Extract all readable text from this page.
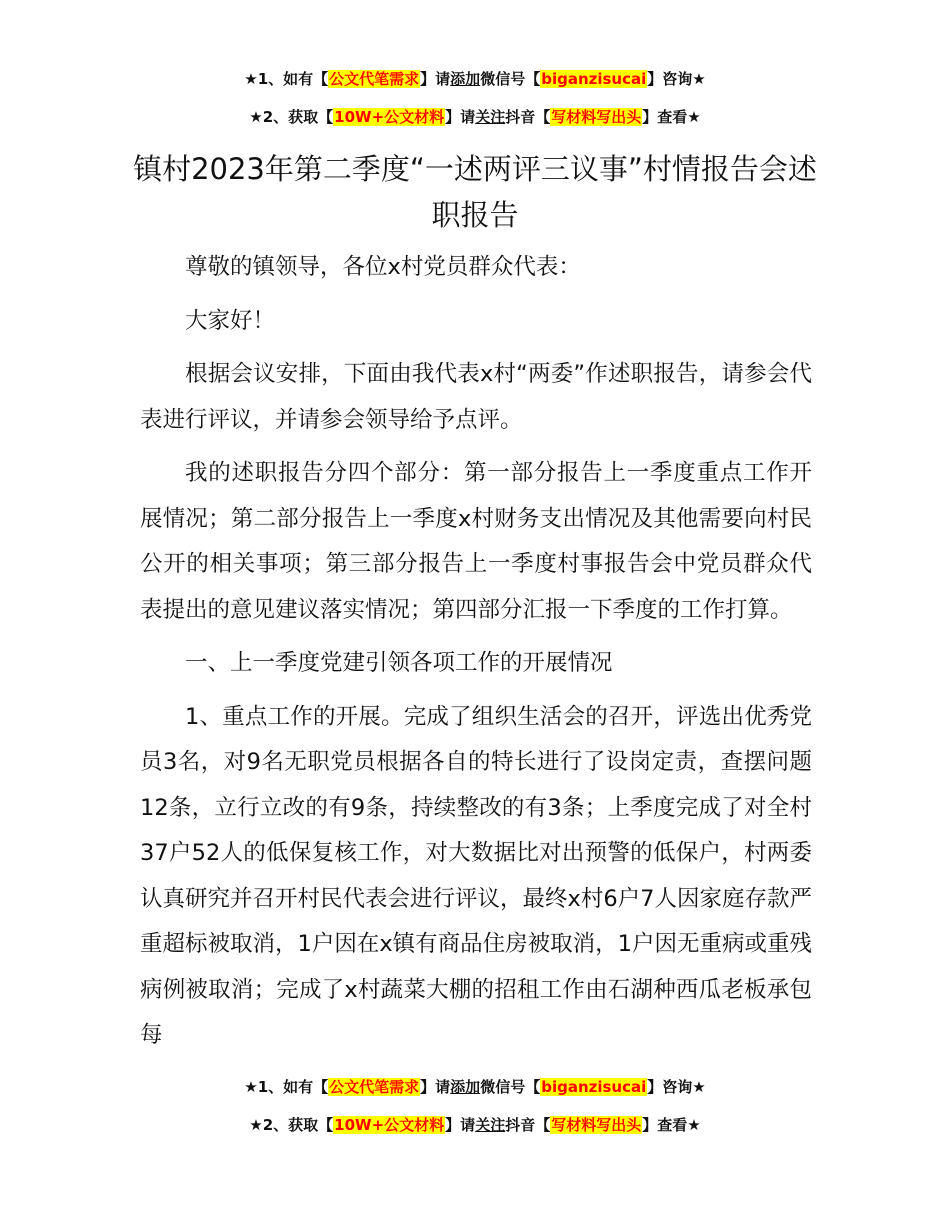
★1、如有【公文代笔需求】请添加微信号【biganzisucai】咨询★
★2、获取【10W+公文材料】请关注抖音【写材料写出头】查看★
镇村2023年第二季度“一述两评三议事”村情报告会述职报告

尊敬的镇领导，各位x村党员群众代表：

大家好！

根据会议安排，下面由我代表x村“两委”作述职报告，请参会代表进行评议，并请参会领导给予点评。

我的述职报告分四个部分：第一部分报告上一季度重点工作开展情况；第二部分报告上一季度x村财务支出情况及其他需要向村民公开的相关事项；第三部分报告上一季度村事报告会中党员群众代表提出的意见建议落实情况；第四部分汇报一下季度的工作打算。

一、上一季度党建引领各项工作的开展情况

1、重点工作的开展。完成了组织生活会的召开，评选出优秀党员3名，对9名无职党员根据各自的特长进行了设岗定责，查摆问题12条，立行立改的有9条，持续整改的有3条；上季度完成了对全村37户52人的低保复核工作，对大数据比对出预警的低保户，村两委认真研究并召开村民代表会进行评议，最终x村6户7人因家庭存款严重超标被取消，1户因在x镇有商品住房被取消，1户因无重病或重残病例被取消；完成了x村蔬菜大棚的招租工作由石湖种西瓜老板承包每

★1、如有【公文代笔需求】请添加微信号【biganzisucai】咨询★
★2、获取【10W+公文材料】请关注抖音【写材料写出头】查看★
